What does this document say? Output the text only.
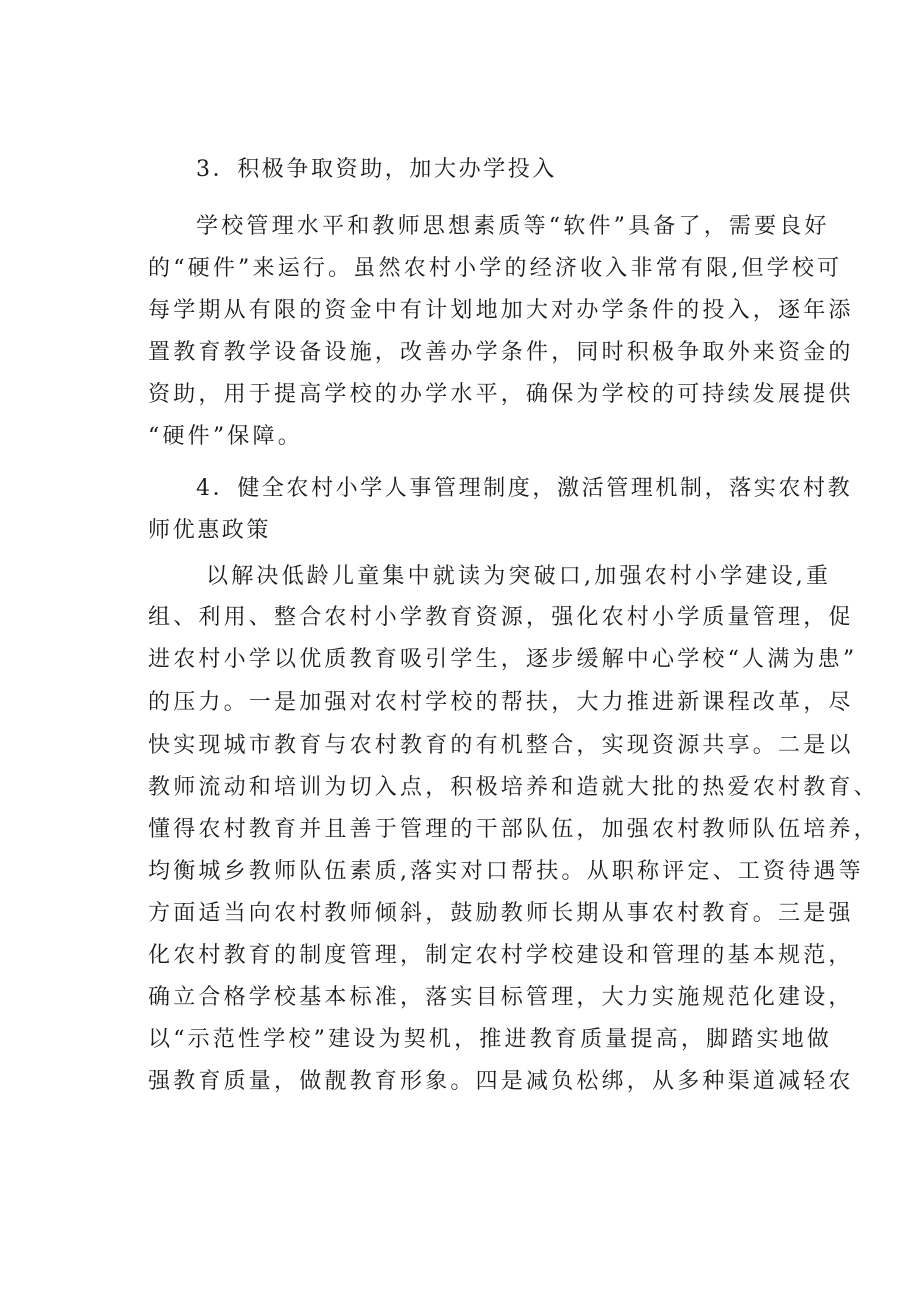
3．积极争取资助，加大办学投入
学校管理水平和教师思想素质等“软件”具备了，需要良好
的“硬件”来运行。虽然农村小学的经济收入非常有限,但学校可
每学期从有限的资金中有计划地加大对办学条件的投入，逐年添
置教育教学设备设施，改善办学条件，同时积极争取外来资金的
资助，用于提高学校的办学水平，确保为学校的可持续发展提供
“硬件”保障。
4．健全农村小学人事管理制度，激活管理机制，落实农村教
师优惠政策
以解决低龄儿童集中就读为突破口,加强农村小学建设,重
组、利用、整合农村小学教育资源，强化农村小学质量管理，促
进农村小学以优质教育吸引学生，逐步缓解中心学校“人满为患”
的压力。一是加强对农村学校的帮扶，大力推进新课程改革，尽
快实现城市教育与农村教育的有机整合，实现资源共享。二是以
教师流动和培训为切入点，积极培养和造就大批的热爱农村教育、
懂得农村教育并且善于管理的干部队伍，加强农村教师队伍培养，
均衡城乡教师队伍素质,落实对口帮扶。从职称评定、工资待遇等
方面适当向农村教师倾斜，鼓励教师长期从事农村教育。三是强
化农村教育的制度管理，制定农村学校建设和管理的基本规范，
确立合格学校基本标准，落实目标管理，大力实施规范化建设，
以“示范性学校”建设为契机，推进教育质量提高，脚踏实地做
强教育质量，做靓教育形象。四是减负松绑，从多种渠道减轻农
